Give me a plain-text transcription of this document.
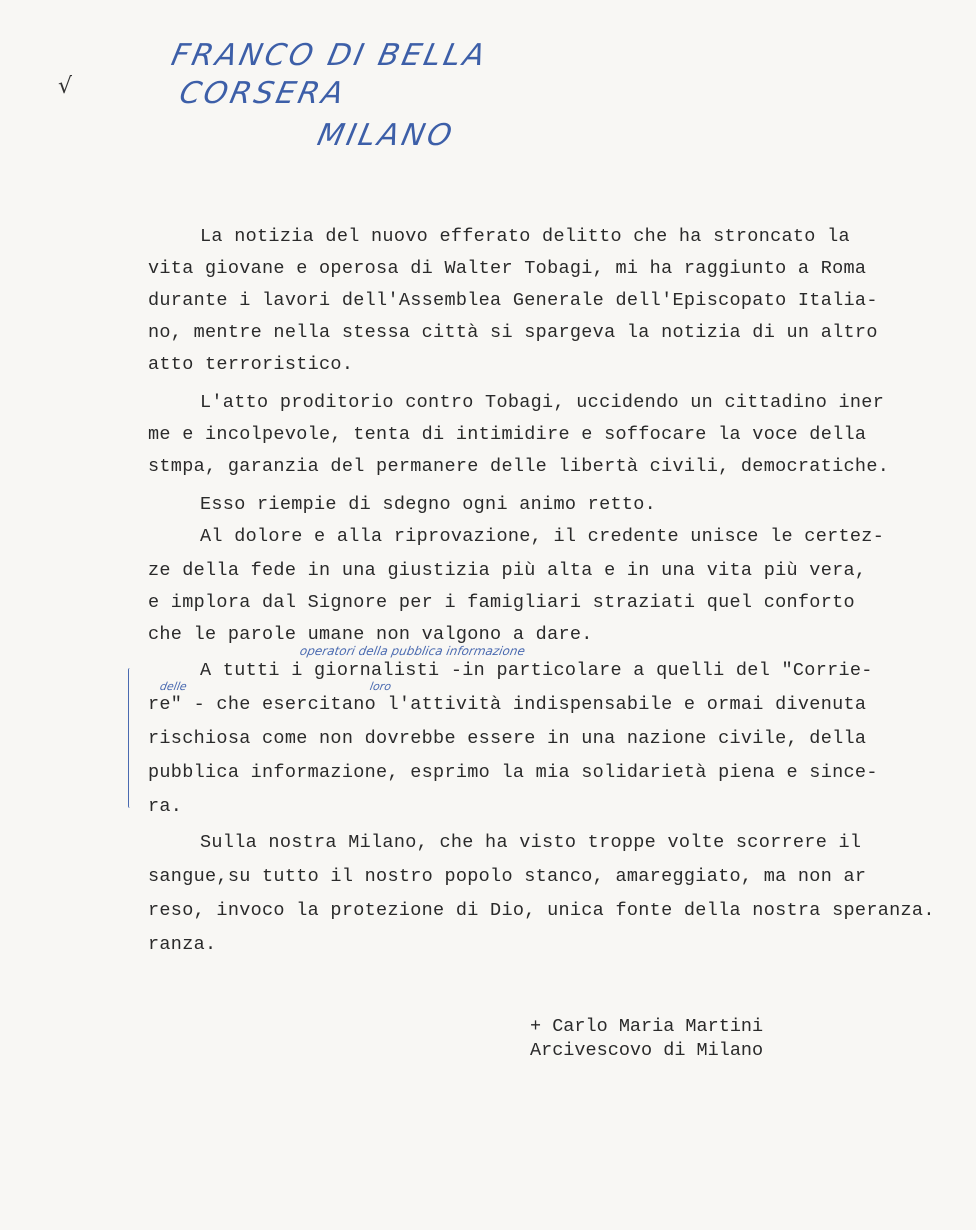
FRANCO DI BELLA
CORSERA
MILANO
√
La notizia del nuovo efferato delitto che ha stroncato la
vita giovane e operosa di Walter Tobagi, mi ha raggiunto a Roma
durante i lavori dell'Assemblea Generale dell'Episcopato Italia-
no, mentre nella stessa città si spargeva la notizia di un altro
atto terroristico.
L'atto proditorio contro Tobagi, uccidendo un cittadino iner
me e incolpevole, tenta di intimidire e soffocare la voce della
stmpa, garanzia del permanere delle libertà civili, democratiche.
Esso riempie di sdegno ogni animo retto.
Al dolore e alla riprovazione, il credente unisce le certez-
ze della fede in una giustizia più alta e in una vita più vera,
e implora dal Signore per i famigliari straziati quel conforto
che le parole umane non valgono a dare.
operatori della pubblica informazione
delle	loro
A tutti i giornalisti -in particolare a quelli del "Corrie-
re" - che esercitano l'attività indispensabile e ormai divenuta
rischiosa come non dovrebbe essere in una nazione civile, della
pubblica informazione, esprimo la mia solidarietà piena e since-
ra.
Sulla nostra Milano, che ha visto troppe volte scorrere il
sangue,su tutto il nostro popolo stanco, amareggiato, ma non ar
reso, invoco la protezione di Dio, unica fonte della nostra speranza.
ranza.
+ Carlo Maria Martini
Arcivescovo di Milano
